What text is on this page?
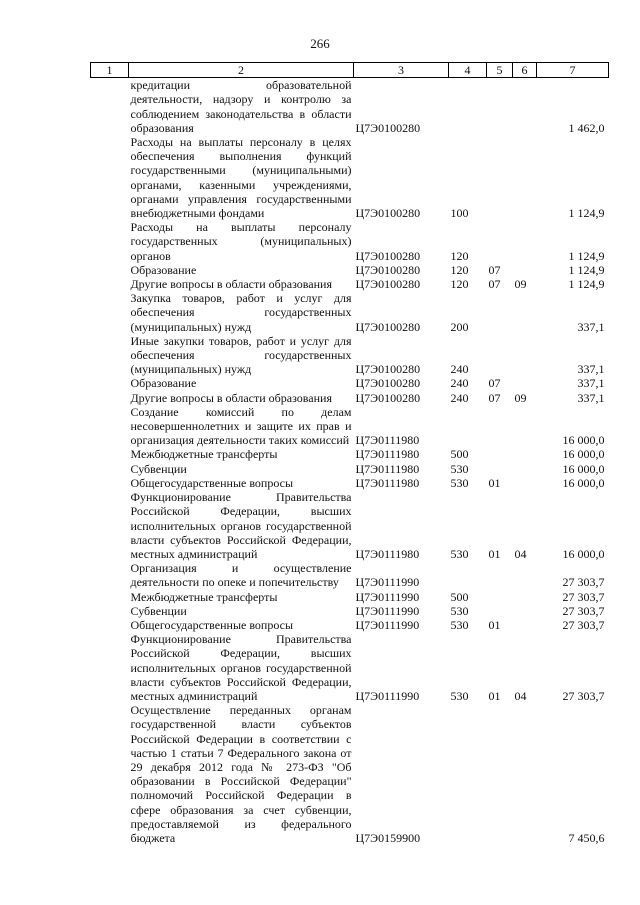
266
1	2	3	4	5	6	7
	кредитации образовательной деятельности, надзору и контролю за соблюдением законодательства в области образования	Ц7Э0100280				1 462,0
	Расходы на выплаты персоналу в целях обеспечения выполнения функций государственными (муниципальными) органами, казенными учреждениями, органами управления государственными внебюджетными фондами	Ц7Э0100280	100			1 124,9
	Расходы на выплаты персоналу государственных (муниципальных) органов	Ц7Э0100280	120			1 124,9
	Образование	Ц7Э0100280	120	07		1 124,9
	Другие вопросы в области образования	Ц7Э0100280	120	07	09	1 124,9
	Закупка товаров, работ и услуг для обеспечения государственных (муниципальных) нужд	Ц7Э0100280	200			337,1
	Иные закупки товаров, работ и услуг для обеспечения государственных (муниципальных) нужд	Ц7Э0100280	240			337,1
	Образование	Ц7Э0100280	240	07		337,1
	Другие вопросы в области образования	Ц7Э0100280	240	07	09	337,1
	Создание комиссий по делам несовершеннолетних и защите их прав и организация деятельности таких комиссий	Ц7Э0111980				16 000,0
	Межбюджетные трансферты	Ц7Э0111980	500			16 000,0
	Субвенции	Ц7Э0111980	530			16 000,0
	Общегосударственные вопросы	Ц7Э0111980	530	01		16 000,0
	Функционирование Правительства Российской Федерации, высших исполнительных органов государственной власти субъектов Российской Федерации, местных администраций	Ц7Э0111980	530	01	04	16 000,0
	Организация и осуществление деятельности по опеке и попечительству	Ц7Э0111990				27 303,7
	Межбюджетные трансферты	Ц7Э0111990	500			27 303,7
	Субвенции	Ц7Э0111990	530			27 303,7
	Общегосударственные вопросы	Ц7Э0111990	530	01		27 303,7
	Функционирование Правительства Российской Федерации, высших исполнительных органов государственной власти субъектов Российской Федерации, местных администраций	Ц7Э0111990	530	01	04	27 303,7
	Осуществление переданных органам государственной власти субъектов Российской Федерации в соответствии с частью 1 статьи 7 Федерального закона от 29 декабря 2012 года № 273-ФЗ "Об образовании в Российской Федерации" полномочий Российской Федерации в сфере образования за счет субвенции, предоставляемой из федерального бюджета	Ц7Э0159900				7 450,6
